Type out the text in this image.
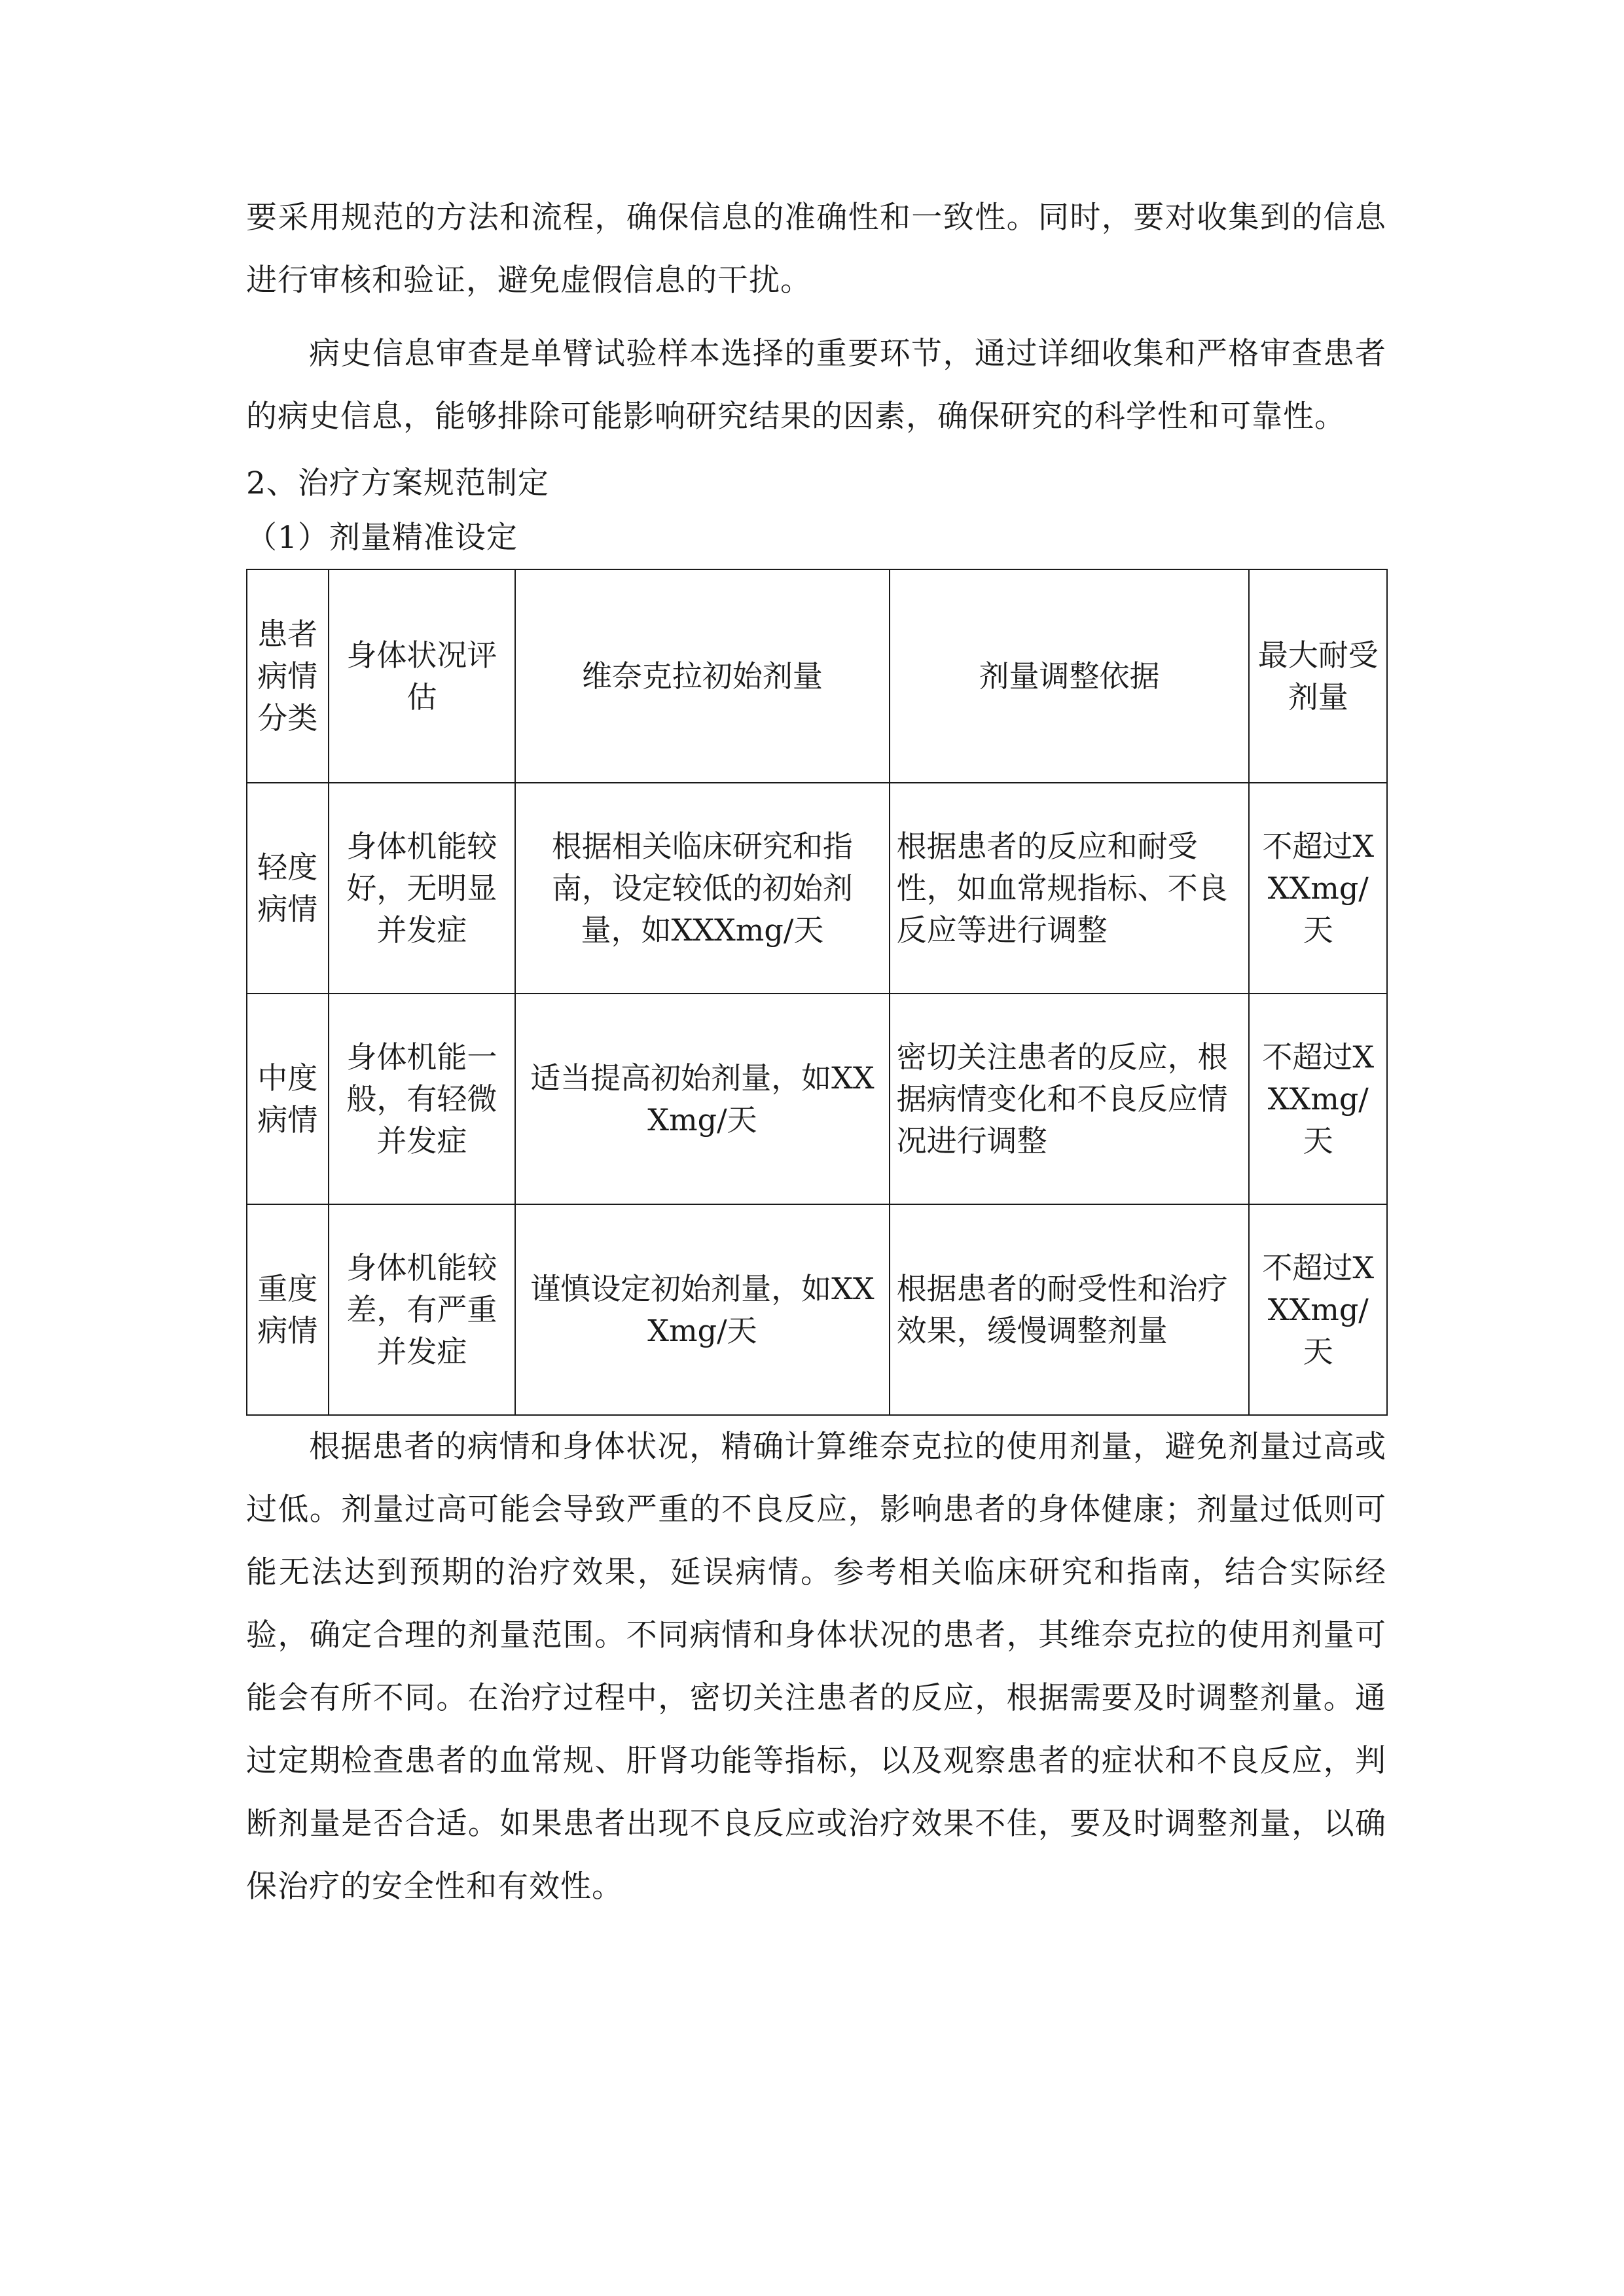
要采用规范的方法和流程，确保信息的准确性和一致性。同时，要对收集到的信息进行审核和验证，避免虚假信息的干扰。

病史信息审查是单臂试验样本选择的重要环节，通过详细收集和严格审查患者的病史信息，能够排除可能影响研究结果的因素，确保研究的科学性和可靠性。

2、治疗方案规范制定

（1）剂量精准设定

患者病情分类	身体状况评估	维奈克拉初始剂量	剂量调整依据	最大耐受剂量
轻度病情	身体机能较好，无明显并发症	根据相关临床研究和指南，设定较低的初始剂量，如XXXmg/天	根据患者的反应和耐受性，如血常规指标、不良反应等进行调整	不超过XXXmg/天
中度病情	身体机能一般，有轻微并发症	适当提高初始剂量，如XXXmg/天	密切关注患者的反应，根据病情变化和不良反应情况进行调整	不超过XXXmg/天
重度病情	身体机能较差，有严重并发症	谨慎设定初始剂量，如XXXmg/天	根据患者的耐受性和治疗效果，缓慢调整剂量	不超过XXXmg/天

根据患者的病情和身体状况，精确计算维奈克拉的使用剂量，避免剂量过高或过低。剂量过高可能会导致严重的不良反应，影响患者的身体健康；剂量过低则可能无法达到预期的治疗效果，延误病情。参考相关临床研究和指南，结合实际经验，确定合理的剂量范围。不同病情和身体状况的患者，其维奈克拉的使用剂量可能会有所不同。在治疗过程中，密切关注患者的反应，根据需要及时调整剂量。通过定期检查患者的血常规、肝肾功能等指标，以及观察患者的症状和不良反应，判断剂量是否合适。如果患者出现不良反应或治疗效果不佳，要及时调整剂量，以确保治疗的安全性和有效性。
